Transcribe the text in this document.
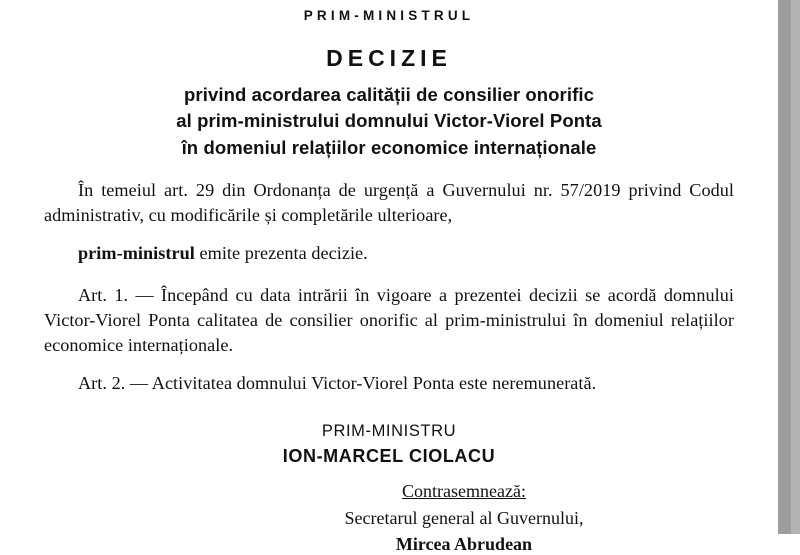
PRIM-MINISTRUL
DECIZIE
privind acordarea calității de consilier onorific
al prim-ministrului domnului Victor-Viorel Ponta
în domeniul relațiilor economice internaționale
În temeiul art. 29 din Ordonanța de urgență a Guvernului nr. 57/2019 privind Codul administrativ, cu modificările și completările ulterioare,
prim-ministrul emite prezenta decizie.
Art. 1. — Începând cu data intrării în vigoare a prezentei decizii se acordă domnului Victor-Viorel Ponta calitatea de consilier onorific al prim-ministrului în domeniul relațiilor economice internaționale.
Art. 2. — Activitatea domnului Victor-Viorel Ponta este neremunerată.
PRIM-MINISTRU
ION-MARCEL CIOLACU
Contrasemnează:
Secretarul general al Guvernului,
Mircea Abrudean
